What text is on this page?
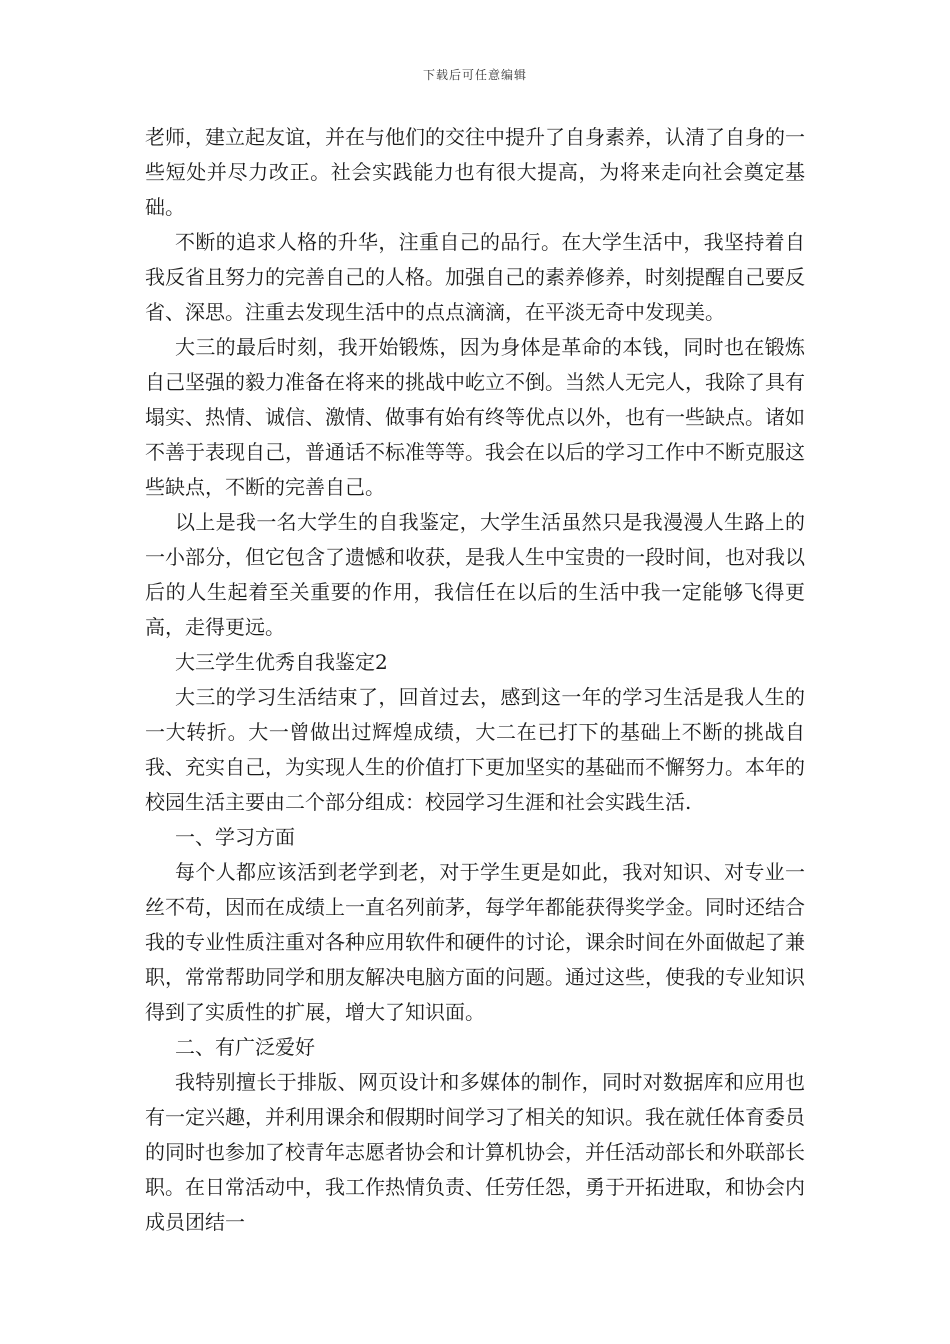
下载后可任意编辑

老师，建立起友谊，并在与他们的交往中提升了自身素养，认清了自身的一些短处并尽力改正。社会实践能力也有很大提高，为将来走向社会奠定基础。

不断的追求人格的升华，注重自己的品行。在大学生活中，我坚持着自我反省且努力的完善自己的人格。加强自己的素养修养，时刻提醒自己要反省、深思。注重去发现生活中的点点滴滴，在平淡无奇中发现美。

大三的最后时刻，我开始锻炼，因为身体是革命的本钱，同时也在锻炼自己坚强的毅力准备在将来的挑战中屹立不倒。当然人无完人，我除了具有塌实、热情、诚信、激情、做事有始有终等优点以外，也有一些缺点。诸如不善于表现自己，普通话不标准等等。我会在以后的学习工作中不断克服这些缺点，不断的完善自己。

以上是我一名大学生的自我鉴定，大学生活虽然只是我漫漫人生路上的一小部分，但它包含了遗憾和收获，是我人生中宝贵的一段时间，也对我以后的人生起着至关重要的作用，我信任在以后的生活中我一定能够飞得更高，走得更远。

大三学生优秀自我鉴定2

大三的学习生活结束了，回首过去，感到这一年的学习生活是我人生的一大转折。大一曾做出过辉煌成绩，大二在已打下的基础上不断的挑战自我、充实自己，为实现人生的价值打下更加坚实的基础而不懈努力。本年的校园生活主要由二个部分组成：校园学习生涯和社会实践生活.

一、学习方面

每个人都应该活到老学到老，对于学生更是如此，我对知识、对专业一丝不苟，因而在成绩上一直名列前茅，每学年都能获得奖学金。同时还结合我的专业性质注重对各种应用软件和硬件的讨论，课余时间在外面做起了兼职，常常帮助同学和朋友解决电脑方面的问题。通过这些，使我的专业知识得到了实质性的扩展，增大了知识面。

二、有广泛爱好

我特别擅长于排版、网页设计和多媒体的制作，同时对数据库和应用也有一定兴趣，并利用课余和假期时间学习了相关的知识。我在就任体育委员的同时也参加了校青年志愿者协会和计算机协会，并任活动部长和外联部长职。在日常活动中，我工作热情负责、任劳任怨，勇于开拓进取，和协会内成员团结一
